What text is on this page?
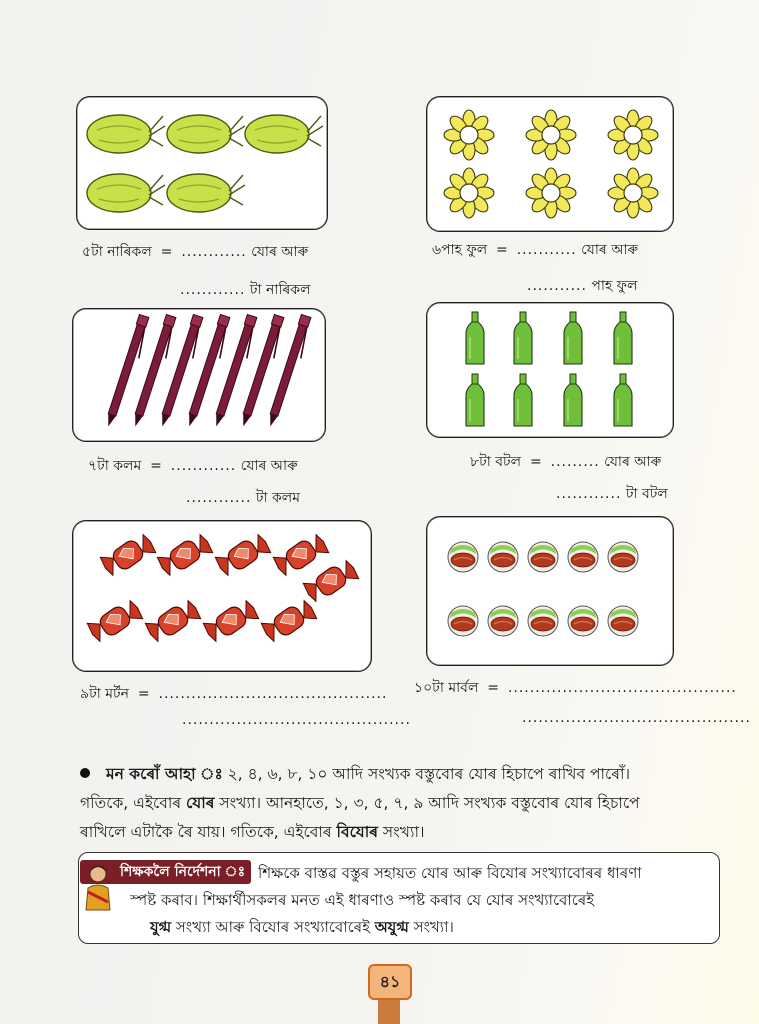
৫টা নাৰিকল = ............ যোৰ আৰু
............ টা নাৰিকল
৬পাহ ফুল = ........... যোৰ আৰু
........... পাহ ফুল
৭টা কলম = ............ যোৰ আৰু
............ টা কলম
৮টা বটল = ......... যোৰ আৰু
............ টা বটল
৯টা মৰ্টন = ..........................................
..........................................
১০টা মাৰ্বল = ..........................................
..........................................
মন কৰোঁ আহা ঃ ২, ৪, ৬, ৮, ১০ আদি সংখ্যক বস্তুবোৰ যোৰ হিচাপে ৰাখিব পাৰোঁ।
গতিকে, এইবোৰ যোৰ সংখ্যা। আনহাতে, ১, ৩, ৫, ৭, ৯ আদি সংখ্যক বস্তুবোৰ যোৰ হিচাপে
ৰাখিলে এটাকৈ ৰৈ যায়। গতিকে, এইবোৰ বিযোৰ সংখ্যা।
শিক্ষকলৈ নিৰ্দেশনা ঃ শিক্ষকে বাস্তৱ বস্তুৰ সহায়ত যোৰ আৰু বিযোৰ সংখ্যাবোৰৰ ধাৰণা
স্পষ্ট কৰাব। শিক্ষাৰ্থীসকলৰ মনত এই ধাৰণাও স্পষ্ট কৰাব যে যোৰ সংখ্যাবোৰেই
যুগ্ম সংখ্যা আৰু বিযোৰ সংখ্যাবোৰেই অযুগ্ম সংখ্যা।
৪১
